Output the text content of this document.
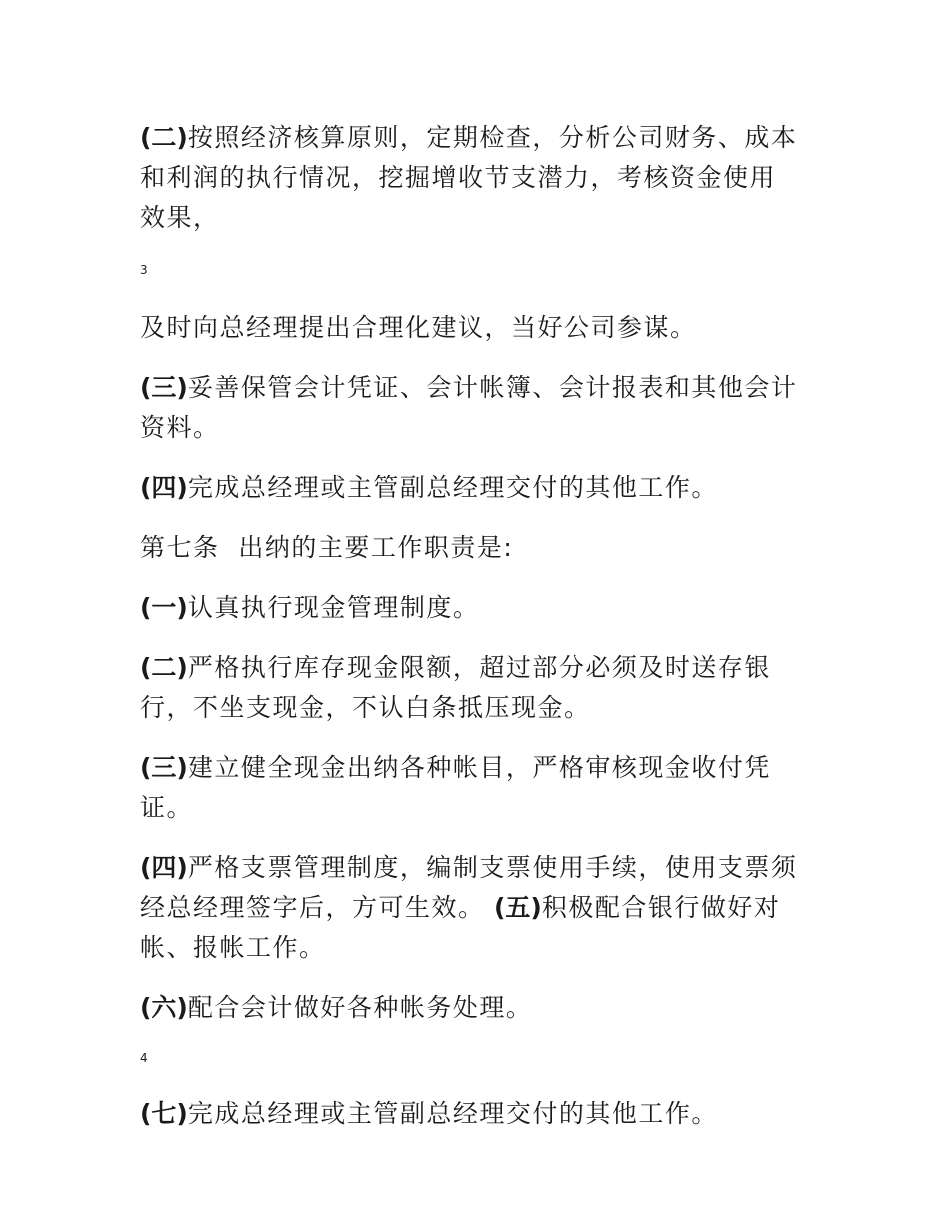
(二)按照经济核算原则，定期检查，分析公司财务、成本和利润的执行情况，挖掘增收节支潜力，考核资金使用效果，

3

及时向总经理提出合理化建议，当好公司参谋。

(三)妥善保管会计凭证、会计帐簿、会计报表和其他会计资料。

(四)完成总经理或主管副总经理交付的其他工作。

第七条  出纳的主要工作职责是:

(一)认真执行现金管理制度。

(二)严格执行库存现金限额，超过部分必须及时送存银行，不坐支现金，不认白条抵压现金。

(三)建立健全现金出纳各种帐目，严格审核现金收付凭证。

(四)严格支票管理制度，编制支票使用手续，使用支票须经总经理签字后，方可生效。 (五)积极配合银行做好对帐、报帐工作。

(六)配合会计做好各种帐务处理。

4

(七)完成总经理或主管副总经理交付的其他工作。
